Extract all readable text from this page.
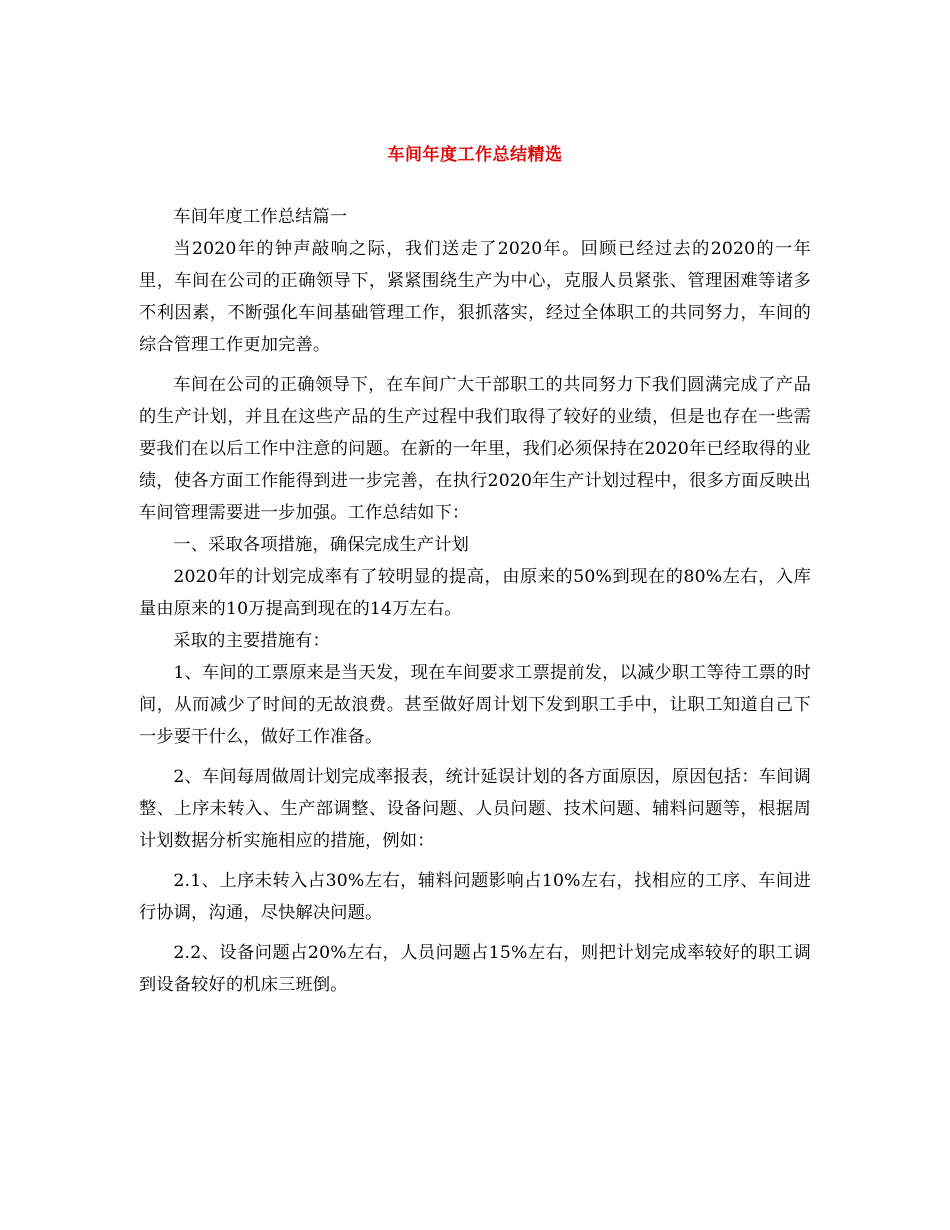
车间年度工作总结精选

车间年度工作总结篇一

当2020年的钟声敲响之际，我们送走了2020年。回顾已经过去的2020的一年里，车间在公司的正确领导下，紧紧围绕生产为中心，克服人员紧张、管理困难等诸多不利因素，不断强化车间基础管理工作，狠抓落实，经过全体职工的共同努力，车间的综合管理工作更加完善。

车间在公司的正确领导下，在车间广大干部职工的共同努力下我们圆满完成了产品的生产计划，并且在这些产品的生产过程中我们取得了较好的业绩，但是也存在一些需要我们在以后工作中注意的问题。在新的一年里，我们必须保持在2020年已经取得的业绩，使各方面工作能得到进一步完善，在执行2020年生产计划过程中，很多方面反映出车间管理需要进一步加强。工作总结如下：

一、采取各项措施，确保完成生产计划

2020年的计划完成率有了较明显的提高，由原来的50%到现在的80%左右，入库量由原来的10万提高到现在的14万左右。

采取的主要措施有：

1、车间的工票原来是当天发，现在车间要求工票提前发，以减少职工等待工票的时间，从而减少了时间的无故浪费。甚至做好周计划下发到职工手中，让职工知道自己下一步要干什么，做好工作准备。

2、车间每周做周计划完成率报表，统计延误计划的各方面原因，原因包括：车间调整、上序未转入、生产部调整、设备问题、人员问题、技术问题、辅料问题等，根据周计划数据分析实施相应的措施，例如：

2.1、上序未转入占30%左右，辅料问题影响占10%左右，找相应的工序、车间进行协调，沟通，尽快解决问题。

2.2、设备问题占20%左右，人员问题占15%左右，则把计划完成率较好的职工调到设备较好的机床三班倒。
